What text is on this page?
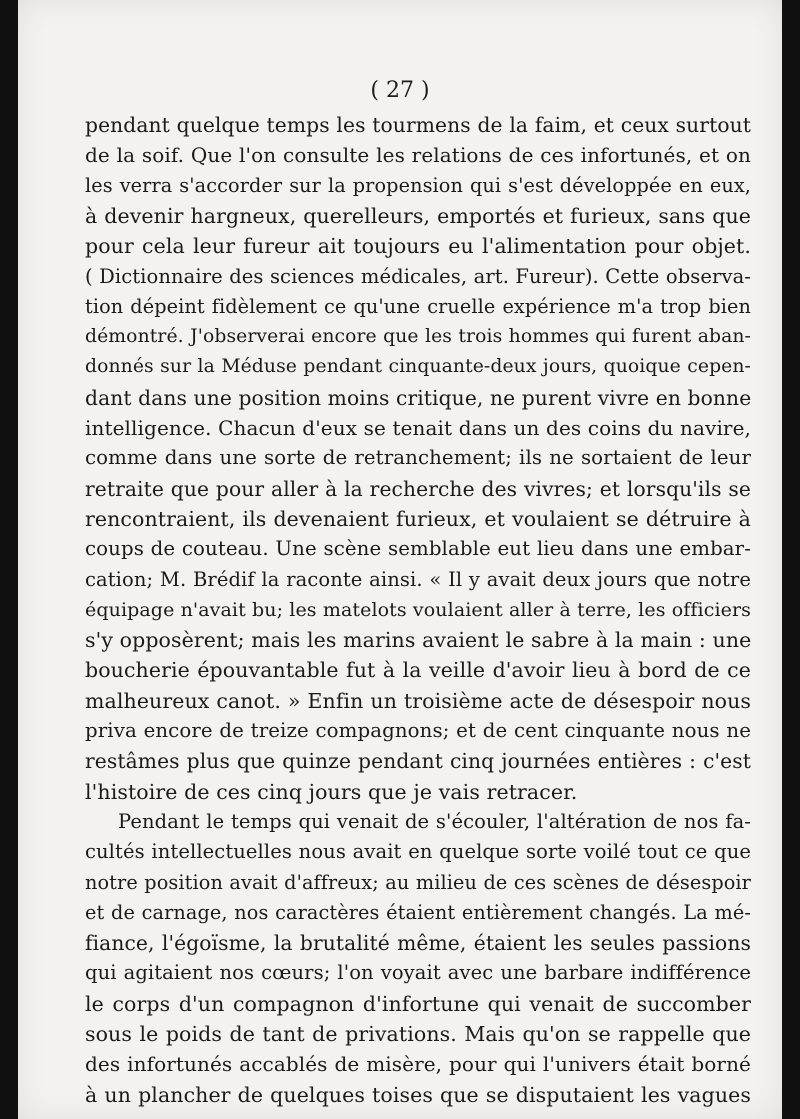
( 27 )
pendant quelque temps les tourmens de la faim, et ceux surtout
de la soif. Que l'on consulte les relations de ces infortunés, et on
les verra s'accorder sur la propension qui s'est développée en eux,
à devenir hargneux, querelleurs, emportés et furieux, sans que
pour cela leur fureur ait toujours eu l'alimentation pour objet.
( Dictionnaire des sciences médicales, art. Fureur). Cette observa-
tion dépeint fidèlement ce qu'une cruelle expérience m'a trop bien
démontré. J'observerai encore que les trois hommes qui furent aban-
donnés sur la Méduse pendant cinquante-deux jours, quoique cepen-
dant dans une position moins critique, ne purent vivre en bonne
intelligence. Chacun d'eux se tenait dans un des coins du navire,
comme dans une sorte de retranchement; ils ne sortaient de leur
retraite que pour aller à la recherche des vivres; et lorsqu'ils se
rencontraient, ils devenaient furieux, et voulaient se détruire à
coups de couteau. Une scène semblable eut lieu dans une embar-
cation; M. Brédif la raconte ainsi. « Il y avait deux jours que notre
équipage n'avait bu; les matelots voulaient aller à terre, les officiers
s'y opposèrent; mais les marins avaient le sabre à la main : une
boucherie épouvantable fut à la veille d'avoir lieu à bord de ce
malheureux canot. » Enfin un troisième acte de désespoir nous
priva encore de treize compagnons; et de cent cinquante nous ne
restâmes plus que quinze pendant cinq journées entières : c'est
l'histoire de ces cinq jours que je vais retracer.
Pendant le temps qui venait de s'écouler, l'altération de nos fa-
cultés intellectuelles nous avait en quelque sorte voilé tout ce que
notre position avait d'affreux; au milieu de ces scènes de désespoir
et de carnage, nos caractères étaient entièrement changés. La mé-
fiance, l'égoïsme, la brutalité même, étaient les seules passions
qui agitaient nos cœurs; l'on voyait avec une barbare indifférence
le corps d'un compagnon d'infortune qui venait de succomber
sous le poids de tant de privations. Mais qu'on se rappelle que
des infortunés accablés de misère, pour qui l'univers était borné
à un plancher de quelques toises que se disputaient les vagues
